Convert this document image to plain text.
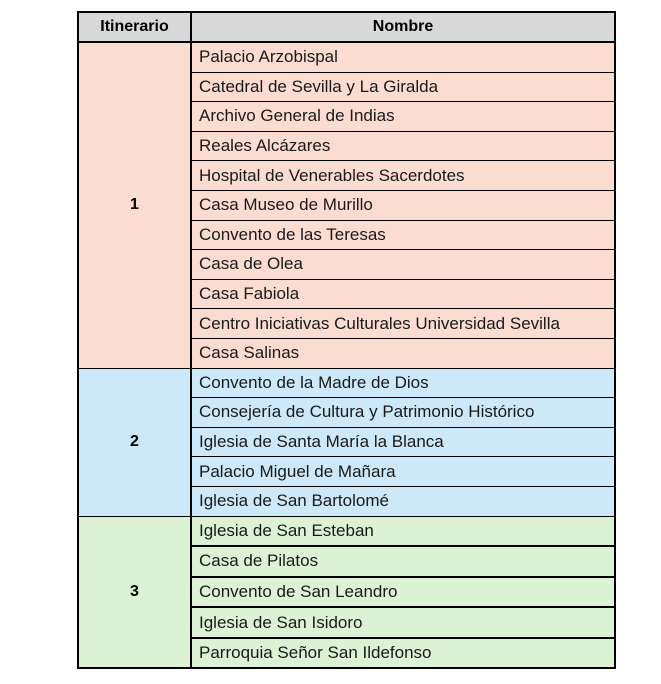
Itinerario	Nombre
1	Palacio Arzobispal
	Catedral de Sevilla y La Giralda
	Archivo General de Indias
	Reales Alcázares
	Hospital de Venerables Sacerdotes
	Casa Museo de Murillo
	Convento de las Teresas
	Casa de Olea
	Casa Fabiola
	Centro Iniciativas Culturales Universidad Sevilla
	Casa Salinas
2	Convento de la Madre de Dios
	Consejería de Cultura y Patrimonio Histórico
	Iglesia de Santa María la Blanca
	Palacio Miguel de Mañara
	Iglesia de San Bartolomé
3	Iglesia de San Esteban
	Casa de Pilatos
	Convento de San Leandro
	Iglesia de San Isidoro
	Parroquia Señor San Ildefonso
